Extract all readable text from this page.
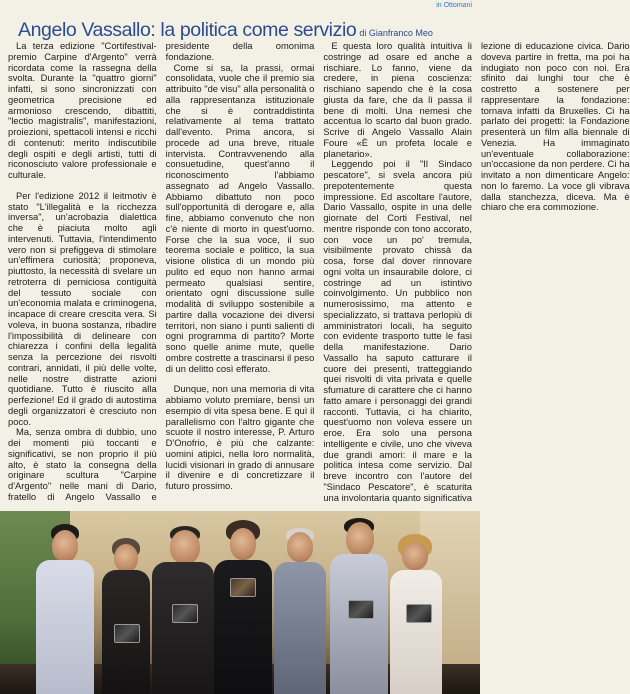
in Ottomani
Angelo Vassallo: la politica come servizio di Gianfranco Meo

La terza edizione "Cortifestival-premio Carpine d'Argento" verrà ricordata come la rassegna della svolta. Durante la "quattro giorni" infatti, si sono sincronizzati con geometrica precisione ed armonioso crescendo, dibattiti, "lectio magistralis", manifestazioni, proiezioni, spettacoli intensi e ricchi di contenuti: merito indiscutibile degli ospiti e degli artisti, tutti di riconosciuto valore professionale e culturale.

Per l'edizione 2012 il leitmotiv è stato "L'illegalità e la ricchezza inversa", un'acrobazia dialettica che è piaciuta molto agli intervenuti. Tuttavia, l'intendimento vero non si prefiggeva di stimolare un'effimera curiosità; proponeva, piuttosto, la necessità di svelare un retroterra di perniciosa contiguità del tessuto sociale con un'economia malata e criminogena, incapace di creare crescita vera. Si voleva, in buona sostanza, ribadire l'impossibilità di delineare con chiarezza i confini della legalità senza la percezione dei risvolti contrari, annidati, il più delle volte, nelle nostre distratte azioni quotidiane. Tutto è riuscito alla perfezione! Ed il grado di autostima degli organizzatori è cresciuto non poco.

Ma, senza ombra di dubbio, uno dei momenti più toccanti e significativi, se non proprio il più alto, è stato la consegna della originare scultura "Carpine d'Argento" nelle mani di Dario, fratello di Angelo Vassallo e presidente della omonima fondazione.

Come si sa, la prassi, ormai consolidata, vuole che il premio sia attribuito "de visu" alla personalità o alla rappresentanza istituzionale che si è contraddistinta relativamente al tema trattato dall'evento. Prima ancora, si procede ad una breve, rituale intervista. Contravvenendo alla consuetudine, quest'anno il riconoscimento l'abbiamo assegnato ad Angelo Vassallo. Abbiamo dibattuto non poco sull'opportunità di derogare e, alla fine, abbiamo convenuto che non c'è niente di morto in quest'uomo. Forse che la sua voce, il suo teorema sociale e politico, la sua visione olistica di un mondo più pulito ed equo non hanno armai permeato qualsiasi sentire, orientato ogni discussione sulle modalità di sviluppo sostenibile a partire dalla vocazione dei diversi territori, non siano i punti salienti di ogni programma di partito? Morte sono quelle anime mute, quelle ombre costrette a trascinarsi il peso di un delitto così efferato.

Dunque, non una memoria di vita abbiamo voluto premiare, bensì un esempio di vita spesa bene. E quì il parallelismo con l'altro gigante che scuote il nostro interesse, P. Arturo D'Onofrio, è più che calzante: uomini atipici, nella loro normalità, lucidi visionari in grado di annusare il divenire e di concretizzare il futuro prossimo.

E questa loro qualità intuitiva li costringe ad osare ed anche a rischiare. Lo fanno, viene da credere, in piena coscienza: rischiano sapendo che è la cosa giusta da fare, che da lì passa il bene di molti. Una nemesi che accentua lo scarto dal buon grado. Scrive di Angelo Vassallo Alain Foure «È un profeta locale e planetario».

Leggendo poi il "Il Sindaco pescatore", si svela ancora più prepotentemente questa impressione. Ed ascoltare l'autore, Dario Vassallo, ospite in una delle giornate del Corti Festival, nel mentre risponde con tono accorato, con voce un po' tremula, visibilmente provato chissà da cosa, forse dal dover rinnovare ogni volta un insaurabile dolore, ci costringe ad un istintivo coinvolgimento. Un pubblico non numerosissimo, ma attento e specializzato, si trattava perlopiù di amministratori locali, ha seguito con evidente trasporto tutte le fasi della manifestazione. Dario Vassallo ha saputo catturare il cuore dei presenti, tratteggiando quei risvolti di vita privata e quelle sfumature di carattere che ci hanno fatto amare i personaggi dei grandi racconti. Tuttavia, ci ha chiarito, quest'uomo non voleva essere un eroe. Era solo una persona intelligente e civile, uno che viveva due grandi amori: il mare e la politica intesa come servizio. Dal breve incontro con l'autore del "Sindaco Pescatore", è scaturita una involontaria quanto significativa lezione di educazione civica. Dario doveva partire in fretta, ma poi ha indugiato non poco con noi. Era sfinito dai lunghi tour che è costretto a sostenere per rappresentare la fondazione: tornava infatti da Bruxelles. Ci ha parlato dei progetti: la Fondazione presenterà un film alla biennale di Venezia. Ha immaginato un'eventuale collaborazione: un'occasione da non perdere. Ci ha invitato a non dimenticare Angelo: non lo faremo. La voce gli vibrava dalla stanchezza, diceva. Ma è chiaro che era commozione.
